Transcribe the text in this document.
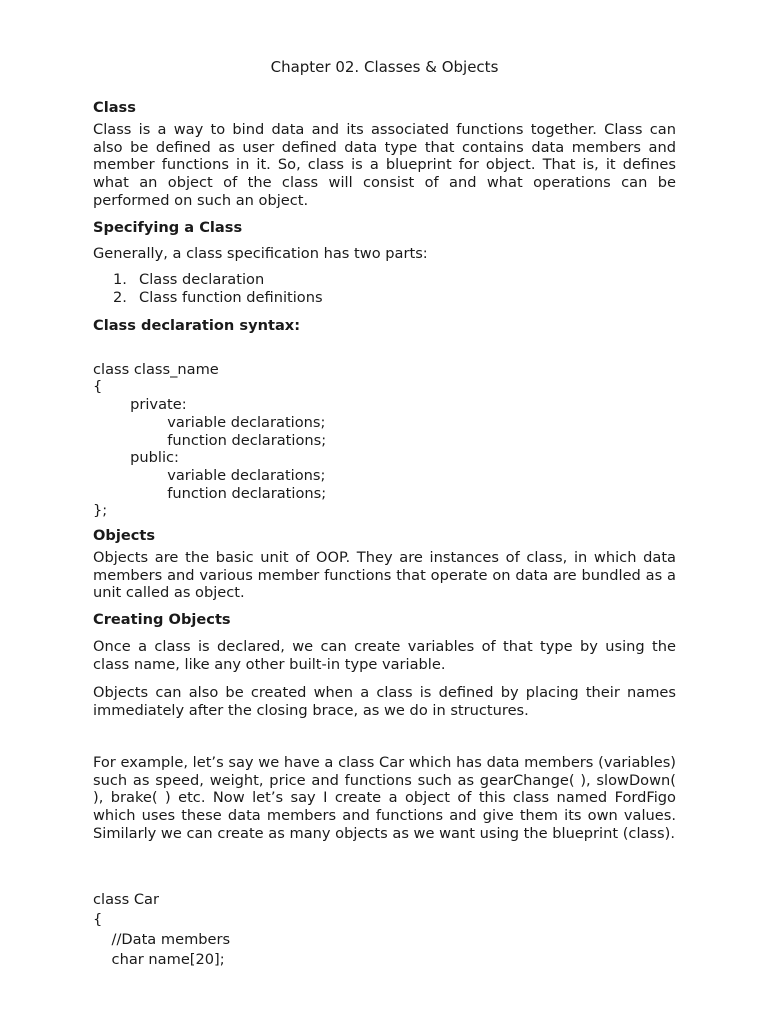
Chapter 02. Classes & Objects
Class
Class is a way to bind data and its associated functions together. Class can also be defined as user defined data type that contains data members and member functions in it. So, class is a blueprint for object. That is, it defines what an object of the class will consist of and what operations can be performed on such an object.
Specifying a Class
Generally, a class specification has two parts:
1. Class declaration
2. Class function definitions
Class declaration syntax:

class class_name
{
private:
variable declarations;
function declarations;
public:
variable declarations;
function declarations;
};

Objects
Objects are the basic unit of OOP. They are instances of class, in which data members and various member functions that operate on data are bundled as a unit called as object.
Creating Objects
Once a class is declared, we can create variables of that type by using the class name, like any other built-in type variable.
Objects can also be created when a class is defined by placing their names immediately after the closing brace, as we do in structures.
For example, let’s say we have a class Car which has data members (variables) such as speed, weight, price and functions such as gearChange( ), slowDown( ), brake( ) etc. Now let’s say I create a object of this class named FordFigo which uses these data members and functions and give them its own values. Similarly we can create as many objects as we want using the blueprint (class).

class Car
{
//Data members
char name[20];
